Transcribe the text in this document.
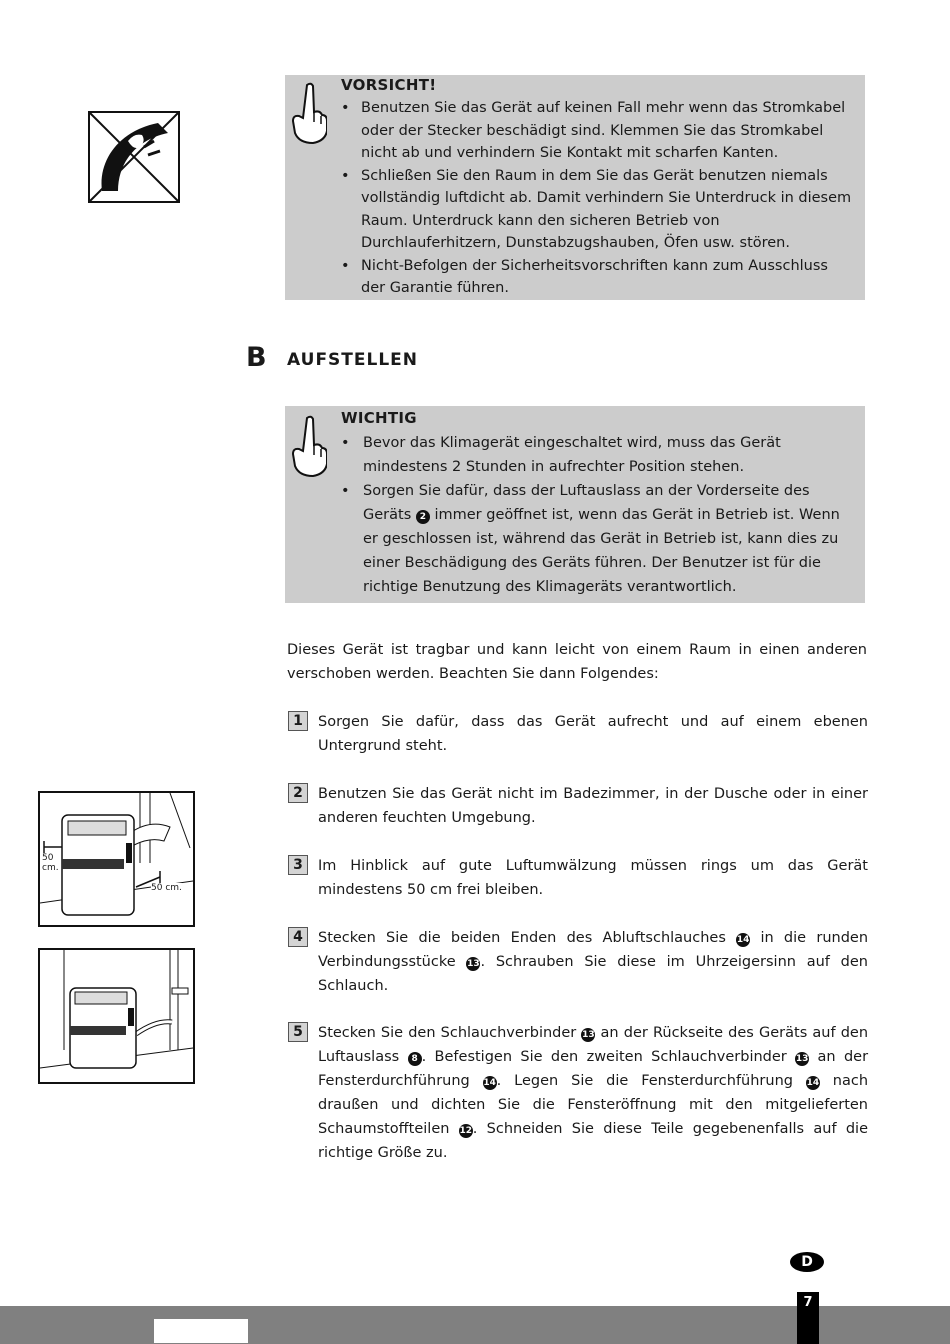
VORSICHT!
• Benutzen Sie das Gerät auf keinen Fall mehr wenn das Stromkabel oder der Stecker beschädigt sind. Klemmen Sie das Stromkabel nicht ab und verhindern Sie Kontakt mit scharfen Kanten.
• Schließen Sie den Raum in dem Sie das Gerät benutzen niemals vollständig luftdicht ab. Damit verhindern Sie Unterdruck in diesem Raum. Unterdruck kann den sicheren Betrieb von Durchlauferhitzern, Dunstabzugshauben, Öfen usw. stören.
• Nicht-Befolgen der Sicherheitsvorschriften kann zum Ausschluss der Garantie führen.
B AUFSTELLEN
WICHTIG
• Bevor das Klimagerät eingeschaltet wird, muss das Gerät mindestens 2 Stunden in aufrechter Position stehen.
• Sorgen Sie dafür, dass der Luftauslass an der Vorderseite des Geräts 2 immer geöffnet ist, wenn das Gerät in Betrieb ist. Wenn er geschlossen ist, während das Gerät in Betrieb ist, kann dies zu einer Beschädigung des Geräts führen. Der Benutzer ist für die richtige Benutzung des Klimageräts verantwortlich.
Dieses Gerät ist tragbar und kann leicht von einem Raum in einen anderen verschoben werden. Beachten Sie dann Folgendes:
1	Sorgen Sie dafür, dass das Gerät aufrecht und auf einem ebenen Untergrund steht.
2	Benutzen Sie das Gerät nicht im Badezimmer, in der Dusche oder in einer anderen feuchten Umgebung.
3	Im Hinblick auf gute Luftumwälzung müssen rings um das Gerät mindestens 50 cm frei bleiben.
4	Stecken Sie die beiden Enden des Abluftschlauches 14 in die runden Verbindungsstücke 13. Schrauben Sie diese im Uhrzeigersinn auf den Schlauch.
5	Stecken Sie den Schlauchverbinder 13 an der Rückseite des Geräts auf den Luftauslass 8 . Befestigen Sie den zweiten Schlauchverbinder 13 an der Fensterdurchführung 14. Legen Sie die Fensterdurchführung 14 nach draußen und dichten Sie die Fensteröffnung mit den mitgelieferten Schaumstoffteilen 12. Schneiden Sie diese Teile gegebenenfalls auf die richtige Größe zu.
50
cm.
50 cm.
D
7
